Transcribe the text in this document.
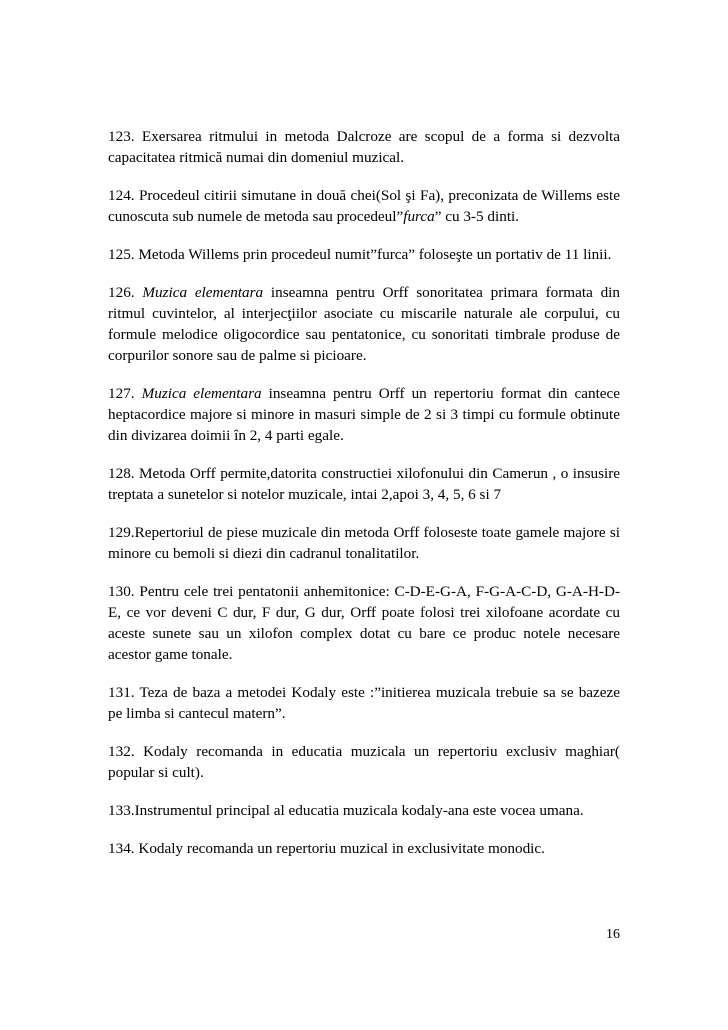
123. Exersarea ritmului in metoda Dalcroze are scopul de a forma si dezvolta capacitatea ritmică numai din domeniul muzical.

124. Procedeul citirii simutane in două chei(Sol şi Fa), preconizata de Willems este cunoscuta sub numele de metoda sau procedeul”furca” cu 3-5 dinti.

125. Metoda Willems prin procedeul numit”furca” foloseşte un portativ de 11 linii.

126. Muzica elementara inseamna pentru Orff sonoritatea primara formata din ritmul cuvintelor, al interjecţiilor asociate cu miscarile naturale ale corpului, cu formule melodice oligocordice sau pentatonice, cu sonoritati timbrale produse de corpurilor sonore sau de palme si picioare.

127. Muzica elementara inseamna pentru Orff un repertoriu format din cantece heptacordice majore si minore in masuri simple de 2 si 3 timpi cu formule obtinute din divizarea doimii în 2, 4 parti egale.

128. Metoda Orff permite,datorita constructiei xilofonului din Camerun , o insusire treptata a sunetelor si notelor muzicale, intai 2,apoi 3, 4, 5, 6 si 7

129.Repertoriul de piese muzicale din metoda Orff foloseste toate gamele majore si minore cu bemoli si diezi din cadranul tonalitatilor.

130. Pentru cele trei pentatonii anhemitonice: C-D-E-G-A, F-G-A-C-D, G-A-H-D-E, ce vor deveni C dur, F dur, G dur, Orff poate folosi trei xilofoane acordate cu aceste sunete sau un xilofon complex dotat cu bare ce produc notele necesare acestor game tonale.

131. Teza de baza a metodei Kodaly este :”initierea muzicala trebuie sa se bazeze pe limba si cantecul matern”.

132. Kodaly recomanda in educatia muzicala un repertoriu exclusiv maghiar( popular si cult).

133.Instrumentul principal al educatia muzicala kodaly-ana este vocea umana.

134. Kodaly recomanda un repertoriu muzical in exclusivitate monodic.

16
